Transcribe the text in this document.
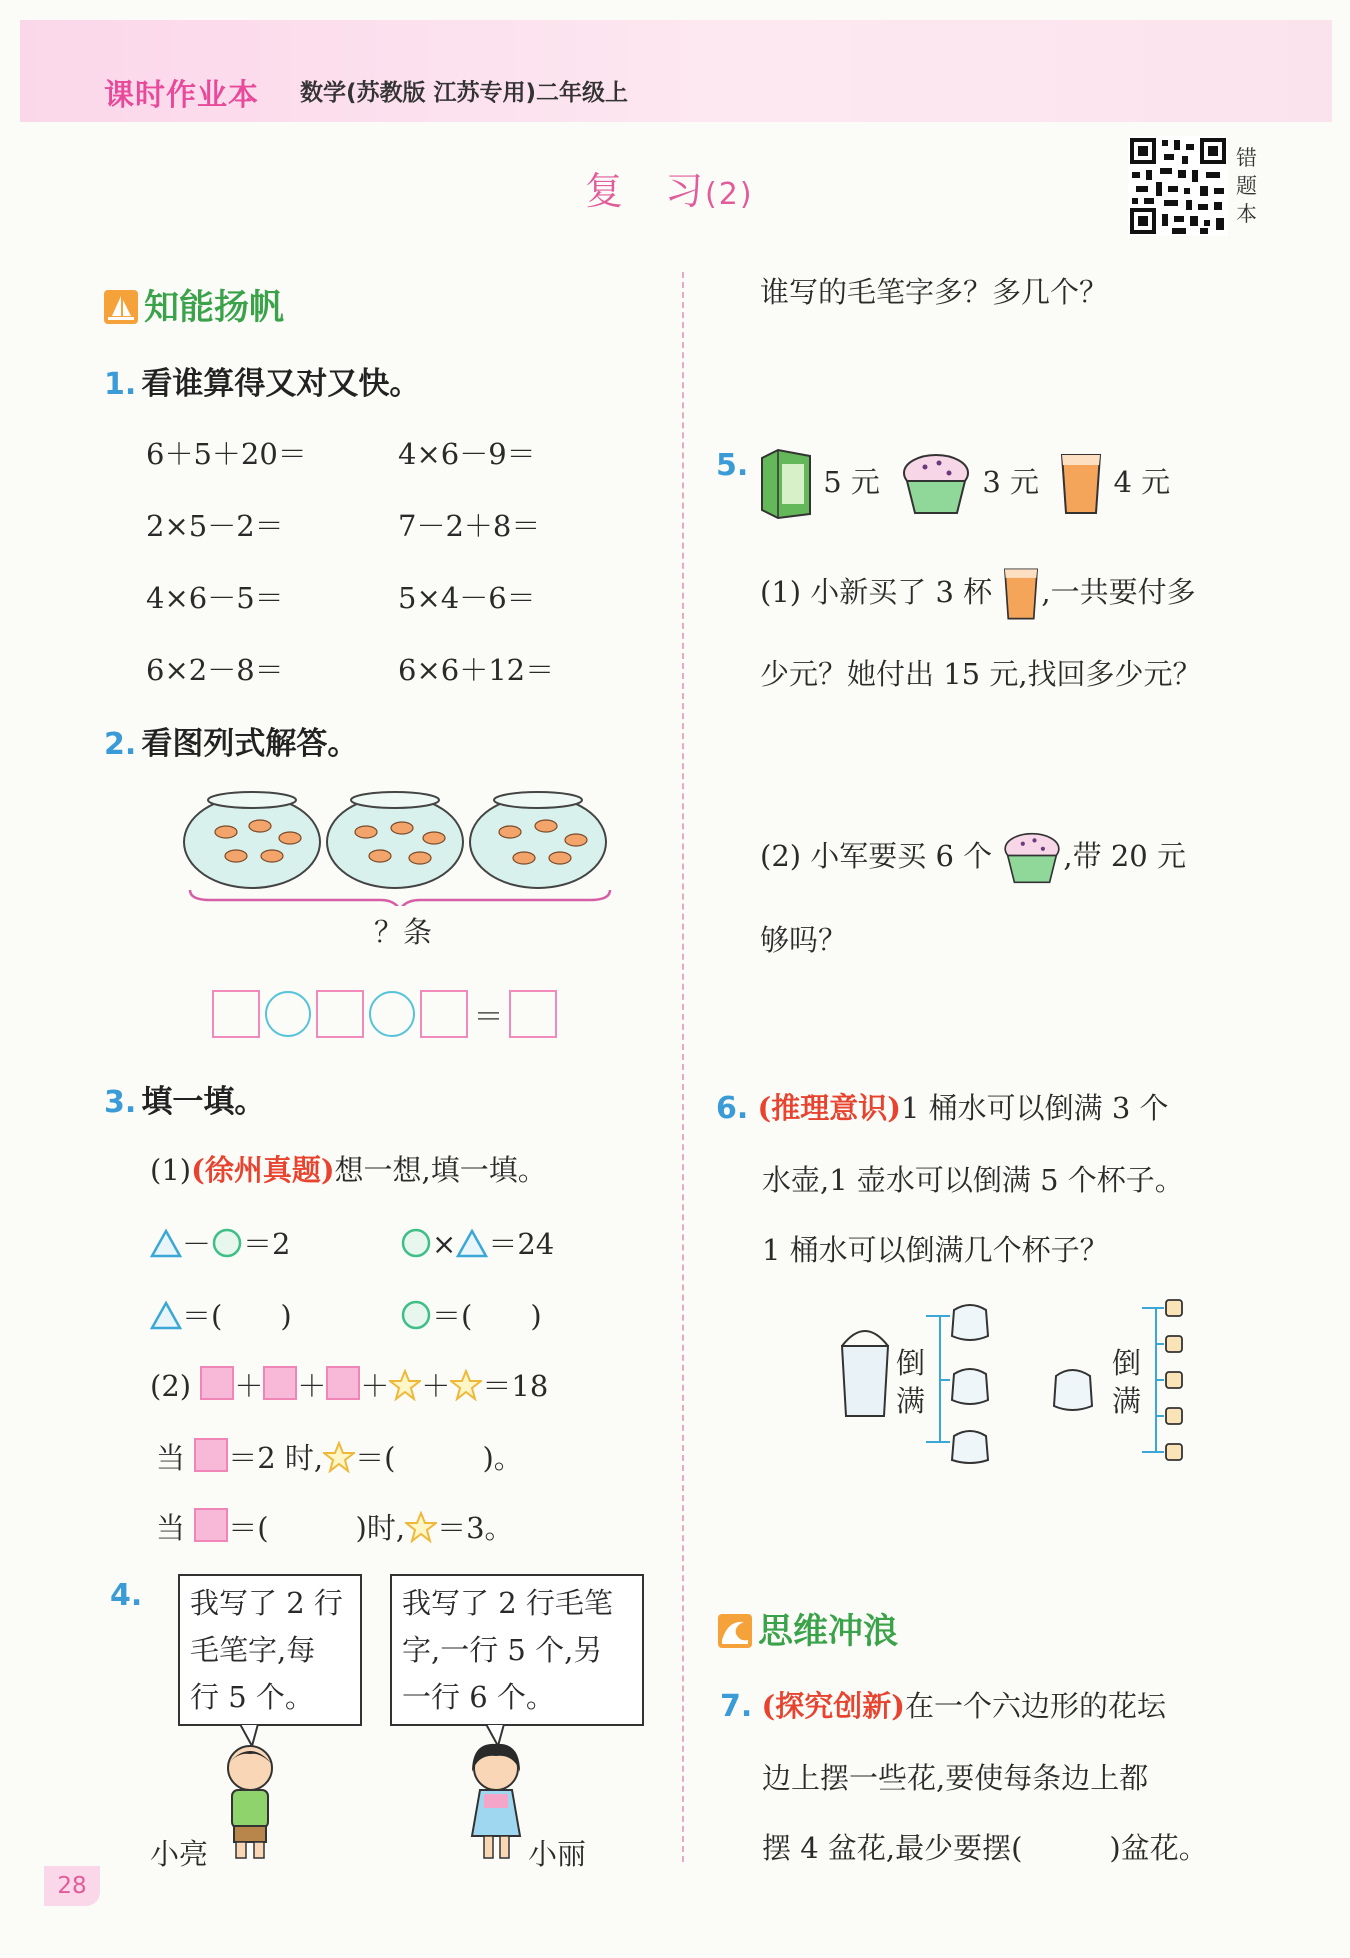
课时作业本 数学(苏教版 江苏专用)二年级上
复 习(2)
错
题
本
知能扬帆
1. 看谁算得又对又快。
6＋5＋20＝	4×6－9＝
2×5－2＝	7－2＋8＝
4×6－5＝	5×4－6＝
6×2－8＝	6×6＋12＝
2. 看图列式解答。
？条
＝
3. 填一填。
(1)(徐州真题)想一想,填一填。
－ ＝2	× ＝24
＝(　　)	＝(　　)
(2) ＋ ＋ ＋ ＋ ＝18
当 ＝2 时, ＝(　　　)。
当 ＝(　　　)时, ＝3。
4. 我写了 2 行
毛笔字,每
行 5 个。
我写了 2 行毛笔
字,一行 5 个,另
一行 6 个。
小亮	小丽
28
谁写的毛笔字多？多几个？
5.	5 元	3 元	4 元
(1) 小新买了 3 杯 ,一共要付多
少元？她付出 15 元,找回多少元？
(2) 小军要买 6 个 ,带 20 元
够吗？
6. (推理意识)1 桶水可以倒满 3 个
水壶,1 壶水可以倒满 5 个杯子。
1 桶水可以倒满几个杯子？
倒
满
倒
满
思维冲浪
7. (探究创新)在一个六边形的花坛
边上摆一些花,要使每条边上都
摆 4 盆花,最少要摆(　　　)盆花。
